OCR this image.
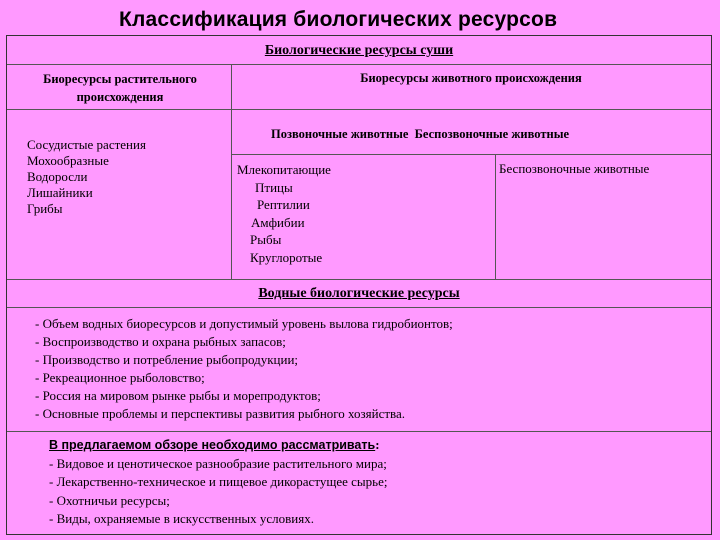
Классификация биологических ресурсов
Биологические ресурсы суши
Биоресурсы растительного происхождения
Биоресурсы животного происхождения
Сосудистые растения
Мохообразные
Водоросли
Лишайники
Грибы
Позвоночные животные  Беспозвоночные животные
Млекопитающие
Птицы
Рептилии
Амфибии
Рыбы
Круглоротые
Беспозвоночные животные
Водные биологические ресурсы
- Объем водных биоресурсов и допустимый уровень вылова гидробионтов;
- Воспроизводство и охрана рыбных запасов;
- Производство и потребление рыбопродукции;
- Рекреационное рыболовство;
- Россия на мировом рынке рыбы и морепродуктов;
- Основные проблемы и перспективы развития рыбного хозяйства.
В предлагаемом обзоре необходимо рассматривать:
- Видовое и ценотическое разнообразие растительного мира;
- Лекарственно-техническое и пищевое дикорастущее сырье;
- Охотничьи ресурсы;
- Виды, охраняемые в искусственных условиях.
